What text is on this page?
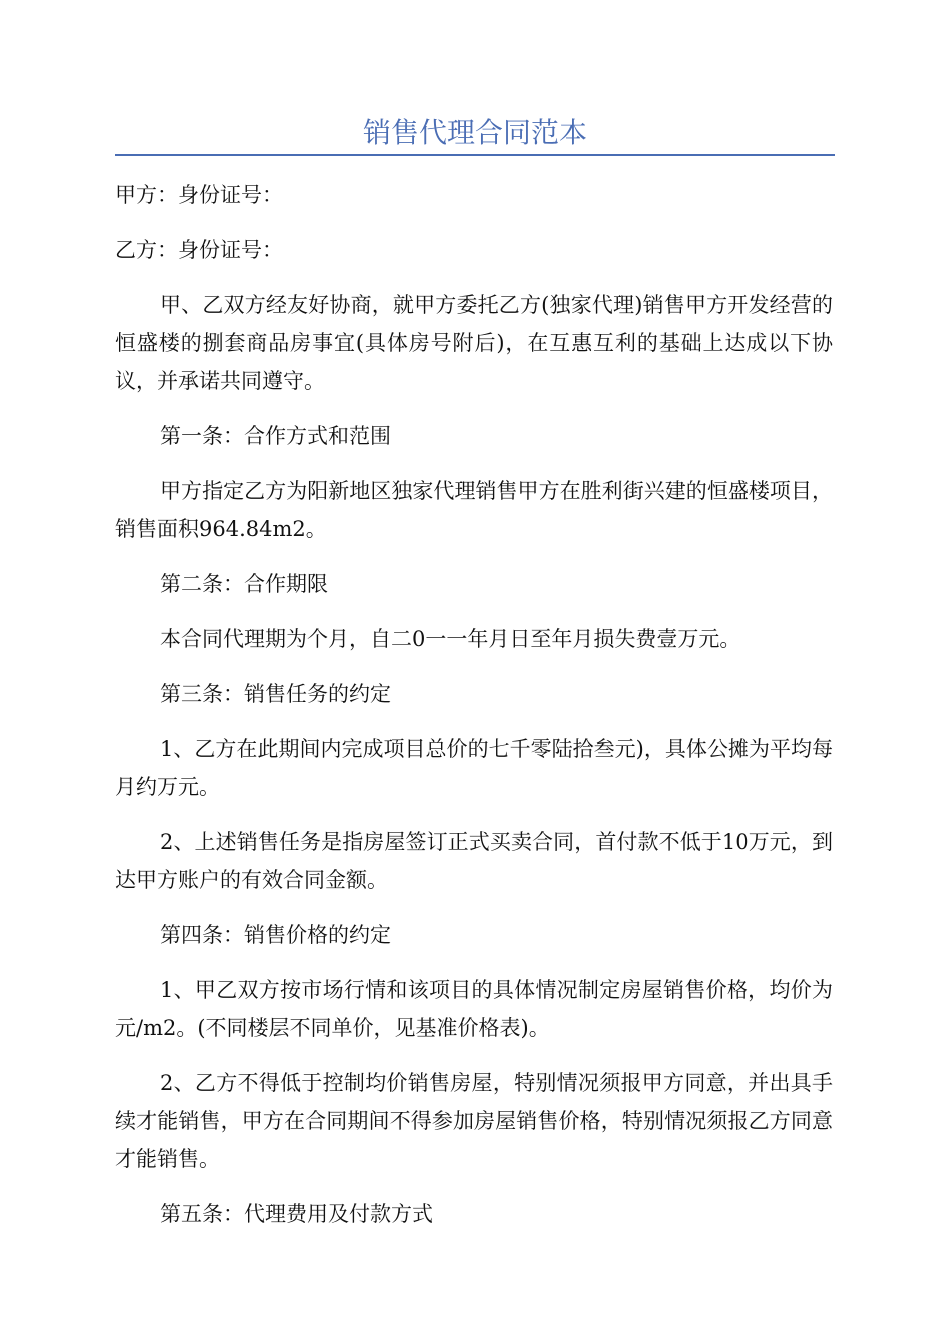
销售代理合同范本

甲方：身份证号：

乙方：身份证号：

甲、乙双方经友好协商，就甲方委托乙方(独家代理)销售甲方开发经营的恒盛楼的捌套商品房事宜(具体房号附后)，在互惠互利的基础上达成以下协议，并承诺共同遵守。

第一条：合作方式和范围

甲方指定乙方为阳新地区独家代理销售甲方在胜利街兴建的恒盛楼项目，销售面积964.84m2。

第二条：合作期限

本合同代理期为个月，自二0一一年月日至年月损失费壹万元。

第三条：销售任务的约定

1、乙方在此期间内完成项目总价的七千零陆拾叁元)，具体公摊为平均每月约万元。

2、上述销售任务是指房屋签订正式买卖合同，首付款不低于10万元，到达甲方账户的有效合同金额。

第四条：销售价格的约定

1、甲乙双方按市场行情和该项目的具体情况制定房屋销售价格，均价为元/m2。(不同楼层不同单价，见基准价格表)。

2、乙方不得低于控制均价销售房屋，特别情况须报甲方同意，并出具手续才能销售，甲方在合同期间不得参加房屋销售价格，特别情况须报乙方同意才能销售。

第五条：代理费用及付款方式
